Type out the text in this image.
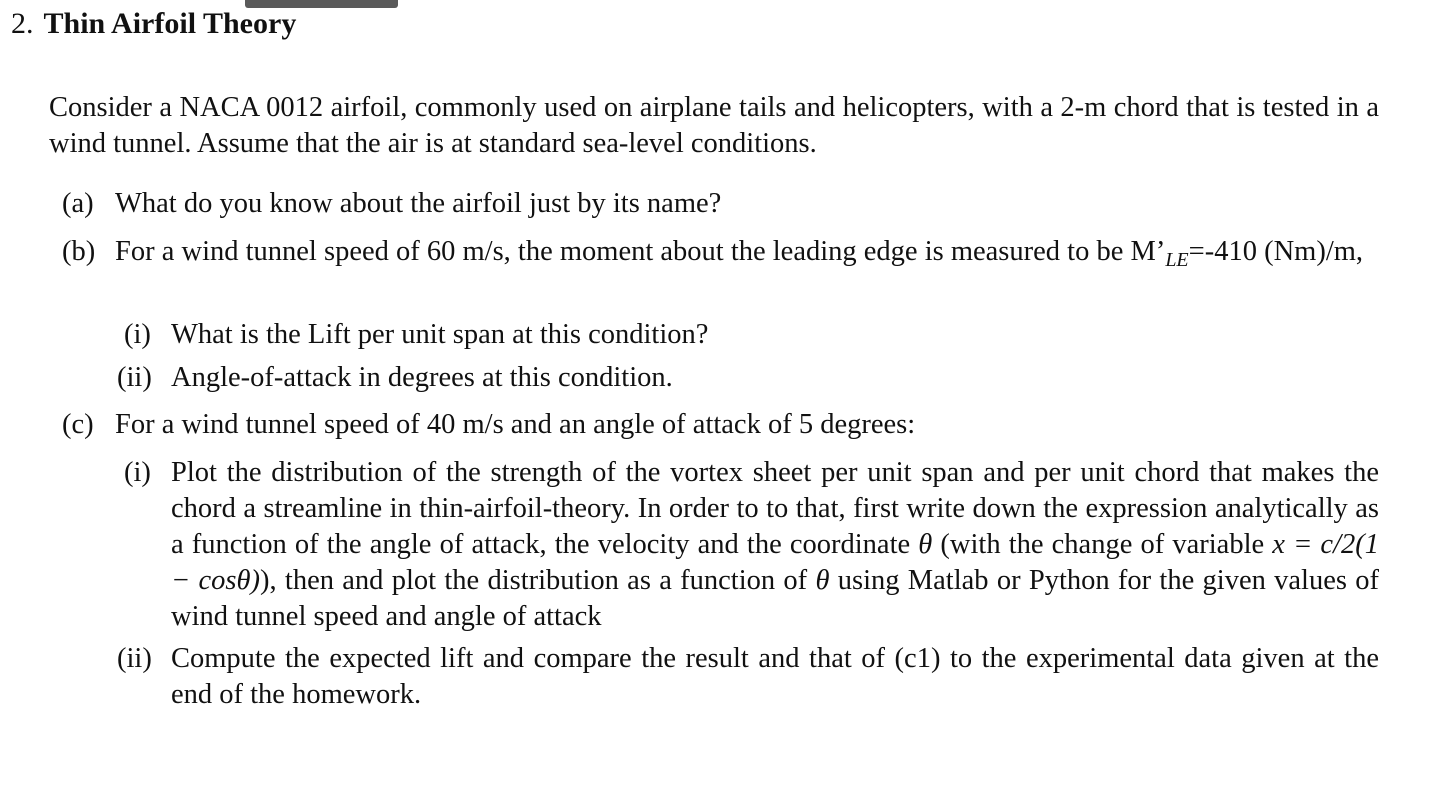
2. Thin Airfoil Theory
Consider a NACA 0012 airfoil, commonly used on airplane tails and helicopters, with a 2-m chord that is tested in a wind tunnel. Assume that the air is at standard sea-level conditions.
(a) What do you know about the airfoil just by its name?
(b) For a wind tunnel speed of 60 m/s, the moment about the leading edge is measured to be $M’_{LE}=-410$ (Nm)/m,
(i) What is the Lift per unit span at this condition?
(ii) Angle-of-attack in degrees at this condition.
(c) For a wind tunnel speed of 40 m/s and an angle of attack of 5 degrees:
(i) Plot the distribution of the strength of the vortex sheet per unit span and per unit chord that makes the chord a streamline in thin-airfoil-theory. In order to to that, first write down the expression analytically as a function of the angle of attack, the velocity and the coordinate θ (with the change of variable x = c/2(1 − cosθ)), then and plot the distribution as a function of θ using Matlab or Python for the given values of wind tunnel speed and angle of attack
(ii) Compute the expected lift and compare the result and that of (c1) to the experimental data given at the end of the homework.
